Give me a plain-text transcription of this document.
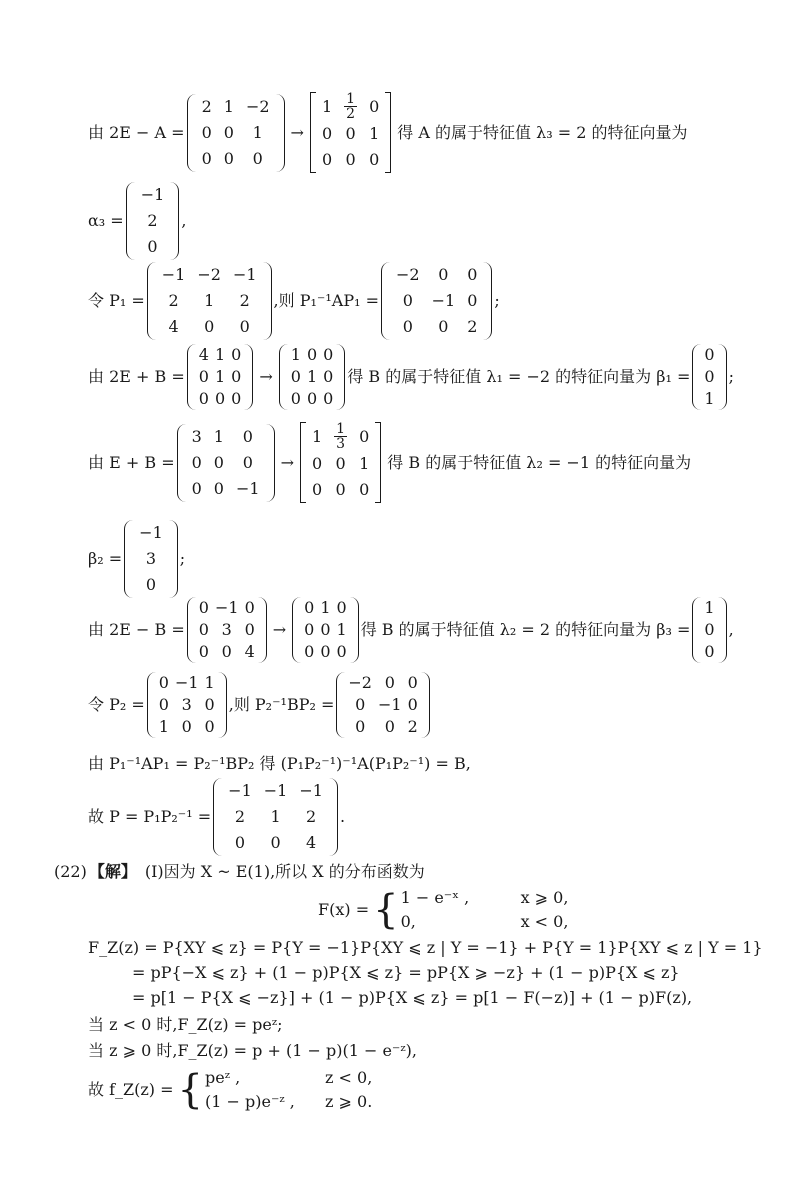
由 2E − A =
2	1	−2
0	0	1
0	0	0
→
1	$\frac{1}{2}$	0
0	0	1
0	0	0
得 A 的属于特征值 λ₃ = 2 的特征向量为
α₃ =
−1
2
0
,
令 P₁ =
−1	−2	−1
2	1	2
4	0	0
,则 P₁⁻¹AP₁ =
−2	0	0
0	−1	0
0	0	2
;
由 2E + B =
4	1	0
0	1	0
0	0	0
→
1	0	0
0	1	0
0	0	0
得 B 的属于特征值 λ₁ = −2 的特征向量为 β₁ =
0
0
1
;
由 E + B =
3	1	0
0	0	0
0	0	−1
→
1	$\frac{1}{3}$	0
0	0	1
0	0	0
得 B 的属于特征值 λ₂ = −1 的特征向量为
β₂ =
−1
3
0
;
由 2E − B =
0	−1	0
0	3	0
0	0	4
→
0	1	0
0	0	1
0	0	0
得 B 的属于特征值 λ₂ = 2 的特征向量为 β₃ =
1
0
0
,
令 P₂ =
0	−1	1
0	3	0
1	0	0
,则 P₂⁻¹BP₂ =
−2	0	0
0	−1	0
0	0	2
由 P₁⁻¹AP₁ = P₂⁻¹BP₂ 得 (P₁P₂⁻¹)⁻¹A(P₁P₂⁻¹) = B,
故 P = P₁P₂⁻¹ =
−1	−1	−1
2	1	2
0	0	4
.
(22) 【解】 (Ⅰ)因为 X ~ E(1),所以 X 的分布函数为
F(x) = { 1 − e⁻ˣ ,	x ⩾ 0,
0,	x < 0,
F_Z(z) = P{XY ⩽ z} = P{Y = −1}P{XY ⩽ z | Y = −1} + P{Y = 1}P{XY ⩽ z | Y = 1}
= pP{−X ⩽ z} + (1 − p)P{X ⩽ z} = pP{X ⩾ −z} + (1 − p)P{X ⩽ z}
= p[1 − P{X ⩽ −z}] + (1 − p)P{X ⩽ z} = p[1 − F(−z)] + (1 − p)F(z),
当 z < 0 时,F_Z(z) = peᶻ;
当 z ⩾ 0 时,F_Z(z) = p + (1 − p)(1 − e⁻ᶻ),
故 f_Z(z) = { peᶻ ,	z < 0,
(1 − p)e⁻ᶻ ,	z ⩾ 0.
